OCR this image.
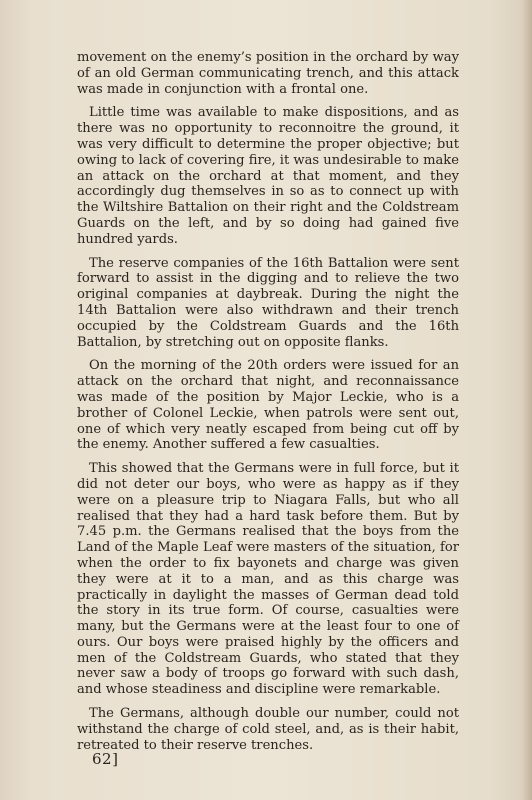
movement on the enemy’s position in the orchard by way of an old German communicating trench, and this attack was made in conjunction with a frontal one.

Little time was available to make dispositions, and as there was no opportunity to reconnoitre the ground, it was very difficult to determine the proper objective; but owing to lack of covering fire, it was undesirable to make an attack on the orchard at that moment, and they accordingly dug themselves in so as to connect up with the Wiltshire Battalion on their right and the Coldstream Guards on the left, and by so doing had gained five hundred yards.

The reserve companies of the 16th Battalion were sent forward to assist in the digging and to relieve the two original companies at daybreak. During the night the 14th Battalion were also withdrawn and their trench occupied by the Coldstream Guards and the 16th Battalion, by stretching out on opposite flanks.

On the morning of the 20th orders were issued for an attack on the orchard that night, and reconnaissance was made of the position by Major Leckie, who is a brother of Colonel Leckie, when patrols were sent out, one of which very neatly escaped from being cut off by the enemy. Another suffered a few casualties.

This showed that the Germans were in full force, but it did not deter our boys, who were as happy as if they were on a pleasure trip to Niagara Falls, but who all realised that they had a hard task before them. But by 7.45 p.m. the Germans realised that the boys from the Land of the Maple Leaf were masters of the situation, for when the order to fix bayonets and charge was given they were at it to a man, and as this charge was practically in daylight the masses of German dead told the story in its true form. Of course, casualties were many, but the Germans were at the least four to one of ours. Our boys were praised highly by the officers and men of the Coldstream Guards, who stated that they never saw a body of troops go forward with such dash, and whose steadiness and discipline were remarkable.

The Germans, although double our number, could not withstand the charge of cold steel, and, as is their habit, retreated to their reserve trenches.

62]
